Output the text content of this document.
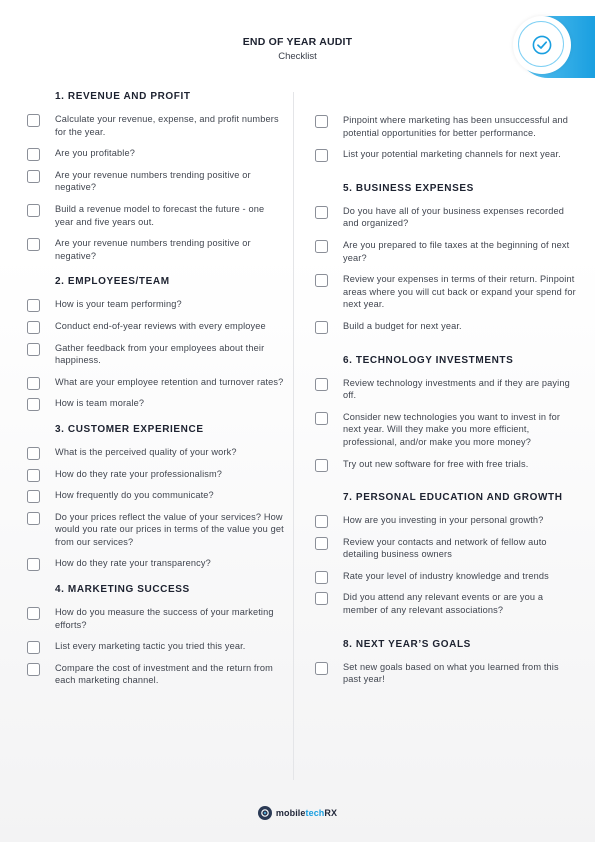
END OF YEAR AUDIT
Checklist
1. REVENUE AND PROFIT
Calculate your revenue, expense, and profit numbers for the year.
Are you profitable?
Are your revenue numbers trending positive or negative?
Build a revenue model to forecast the future - one year and five years out.
Are your revenue numbers trending positive or negative?
2. EMPLOYEES/TEAM
How is your team performing?
Conduct end-of-year reviews with every employee
Gather feedback from your employees about their happiness.
What are your employee retention and turnover rates?
How is team morale?
3. CUSTOMER EXPERIENCE
What is the perceived quality of your work?
How do they rate your professionalism?
How frequently do you communicate?
Do your prices reflect the value of your services? How would you rate our prices in terms of the value you get from our services?
How do they rate your transparency?
4. MARKETING SUCCESS
How do you measure the success of your marketing efforts?
List every marketing tactic you tried this year.
Compare the cost of investment and the return from each marketing channel.
Pinpoint where marketing has been unsuccessful and potential opportunities for better performance.
List your potential marketing channels for next year.
5. BUSINESS EXPENSES
Do you have all of your business expenses recorded and organized?
Are you prepared to file taxes at the beginning of next year?
Review your expenses in terms of their return. Pinpoint areas where you will cut back or expand your spend for next year.
Build a budget for next year.
6. TECHNOLOGY INVESTMENTS
Review technology investments and if they are paying off.
Consider new technologies you want to invest in for next year. Will they make you more efficient, professional, and/or make you more money?
Try out new software for free with free trials.
7. PERSONAL EDUCATION AND GROWTH
How are you investing in your personal growth?
Review your contacts and network of fellow auto detailing business owners
Rate your level of industry knowledge and trends
Did you attend any relevant events or are you a member of any relevant associations?
8. NEXT YEAR’S GOALS
Set new goals based on what you learned from this past year!
mobiletechRX
